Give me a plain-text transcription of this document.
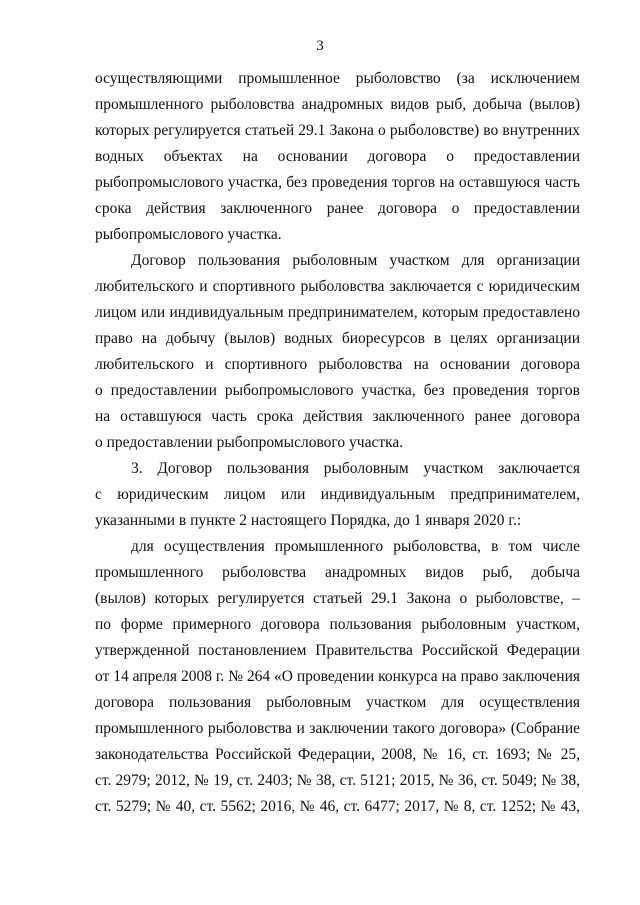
3
осуществляющими промышленное рыболовство (за исключением
промышленного рыболовства анадромных видов рыб, добыча (вылов)
которых регулируется статьей 29.1 Закона о рыболовстве) во внутренних
водных объектах на основании договора о предоставлении
рыбопромыслового участка, без проведения торгов на оставшуюся часть
срока действия заключенного ранее договора о предоставлении
рыбопромыслового участка.
Договор пользования рыболовным участком для организации
любительского и спортивного рыболовства заключается с юридическим
лицом или индивидуальным предпринимателем, которым предоставлено
право на добычу (вылов) водных биоресурсов в целях организации
любительского и спортивного рыболовства на основании договора
о предоставлении рыбопромыслового участка, без проведения торгов
на оставшуюся часть срока действия заключенного ранее договора
о предоставлении рыбопромыслового участка.
3. Договор пользования рыболовным участком заключается
с юридическим лицом или индивидуальным предпринимателем,
указанными в пункте 2 настоящего Порядка, до 1 января 2020 г.:
для осуществления промышленного рыболовства, в том числе
промышленного рыболовства анадромных видов рыб, добыча
(вылов) которых регулируется статьей 29.1 Закона о рыболовстве, –
по форме примерного договора пользования рыболовным участком,
утвержденной постановлением Правительства Российской Федерации
от 14 апреля 2008 г. № 264 «О проведении конкурса на право заключения
договора пользования рыболовным участком для осуществления
промышленного рыболовства и заключении такого договора» (Собрание
законодательства Российской Федерации, 2008, № 16, ст. 1693; № 25,
ст. 2979; 2012, № 19, ст. 2403; № 38, ст. 5121; 2015, № 36, ст. 5049; № 38,
ст. 5279; № 40, ст. 5562; 2016, № 46, ст. 6477; 2017, № 8, ст. 1252; № 43,
